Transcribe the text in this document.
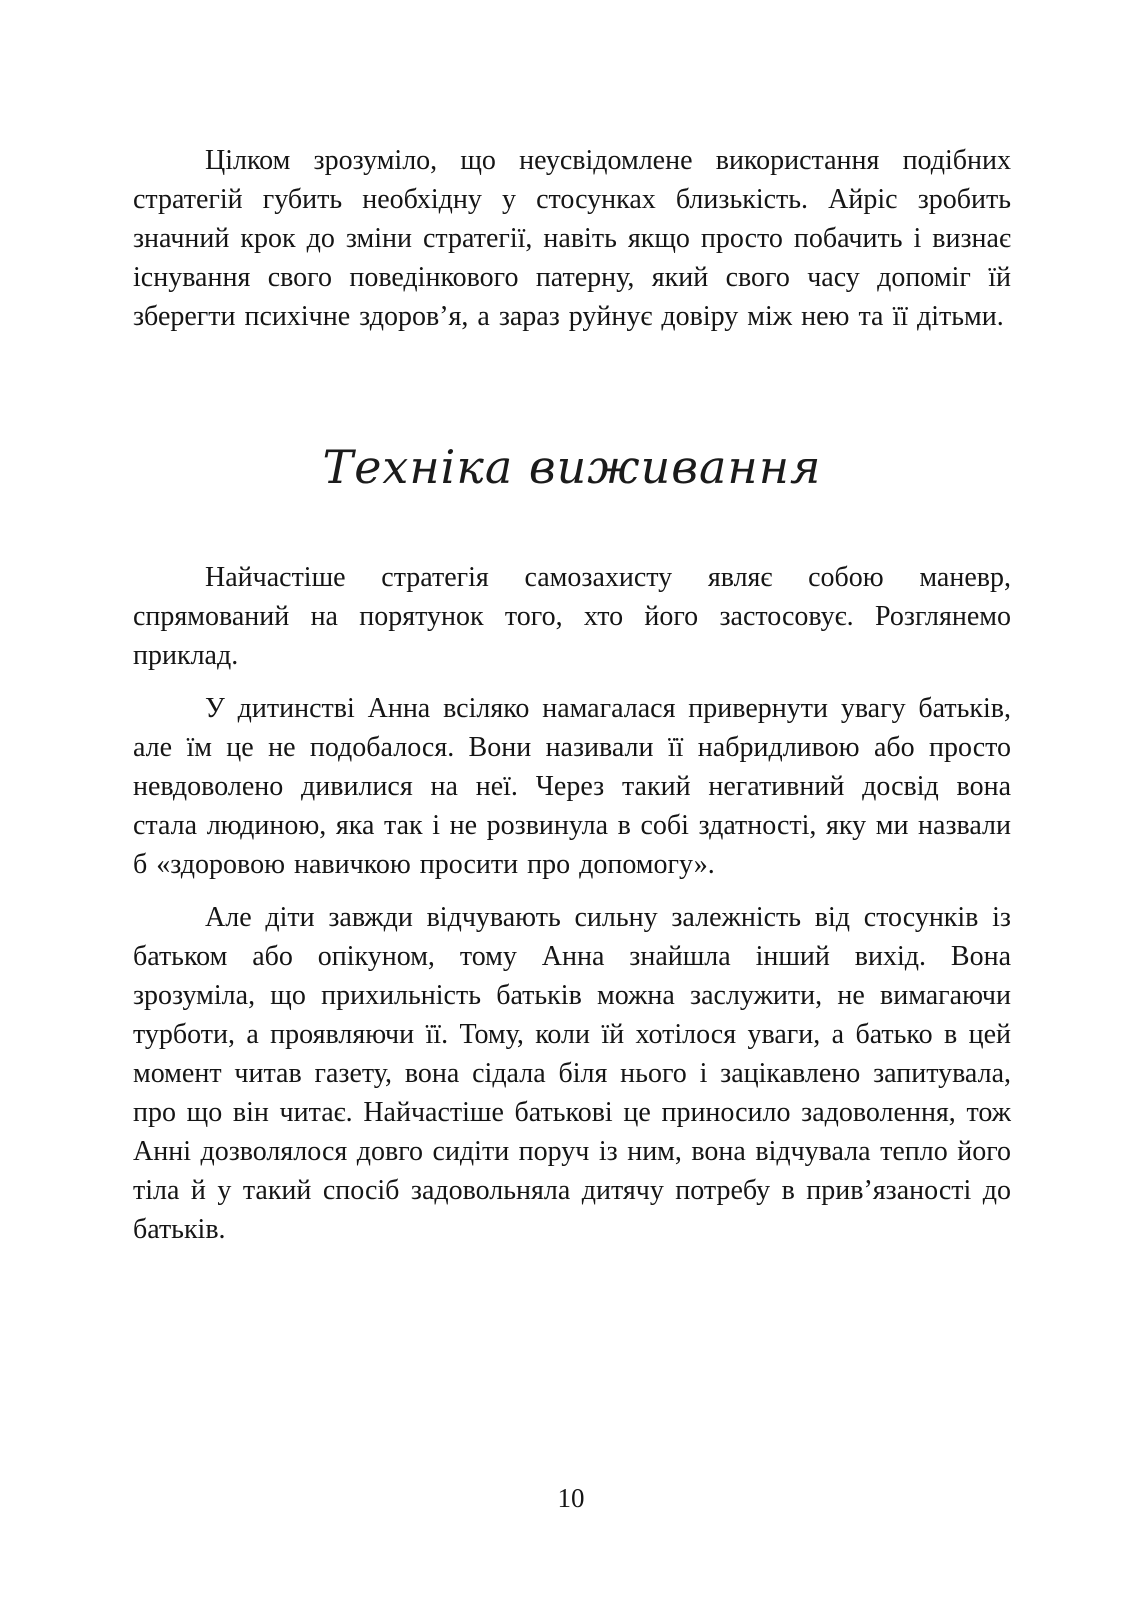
Цілком зрозуміло, що неусвідомлене використання подібних стратегій губить необхідну у стосунках близькість. Айріс зробить значний крок до зміни стратегії, навіть якщо просто побачить і визнає існування свого поведінкового патерну, який свого часу допоміг їй зберегти психічне здоров’я, а зараз руйнує довіру між нею та її дітьми.

Техніка виживання

Найчастіше стратегія самозахисту являє собою маневр, спрямований на порятунок того, хто його застосовує. Розглянемо приклад.

У дитинстві Анна всіляко намагалася привернути увагу батьків, але їм це не подобалося. Вони називали її набридливою або просто невдоволено дивилися на неї. Через такий негативний досвід вона стала людиною, яка так і не розвинула в собі здатності, яку ми назвали б «здоровою навичкою просити про допомогу».

Але діти завжди відчувають сильну залежність від стосунків із батьком або опікуном, тому Анна знайшла інший вихід. Вона зрозуміла, що прихильність батьків можна заслужити, не вимагаючи турботи, а проявляючи її. Тому, коли їй хотілося уваги, а батько в цей момент читав газету, вона сідала біля нього і зацікавлено запитувала, про що він читає. Найчастіше батькові це приносило задоволення, тож Анні дозволялося довго сидіти поруч із ним, вона відчувала тепло його тіла й у такий спосіб задовольняла дитячу потребу в прив’язаності до батьків.

10
